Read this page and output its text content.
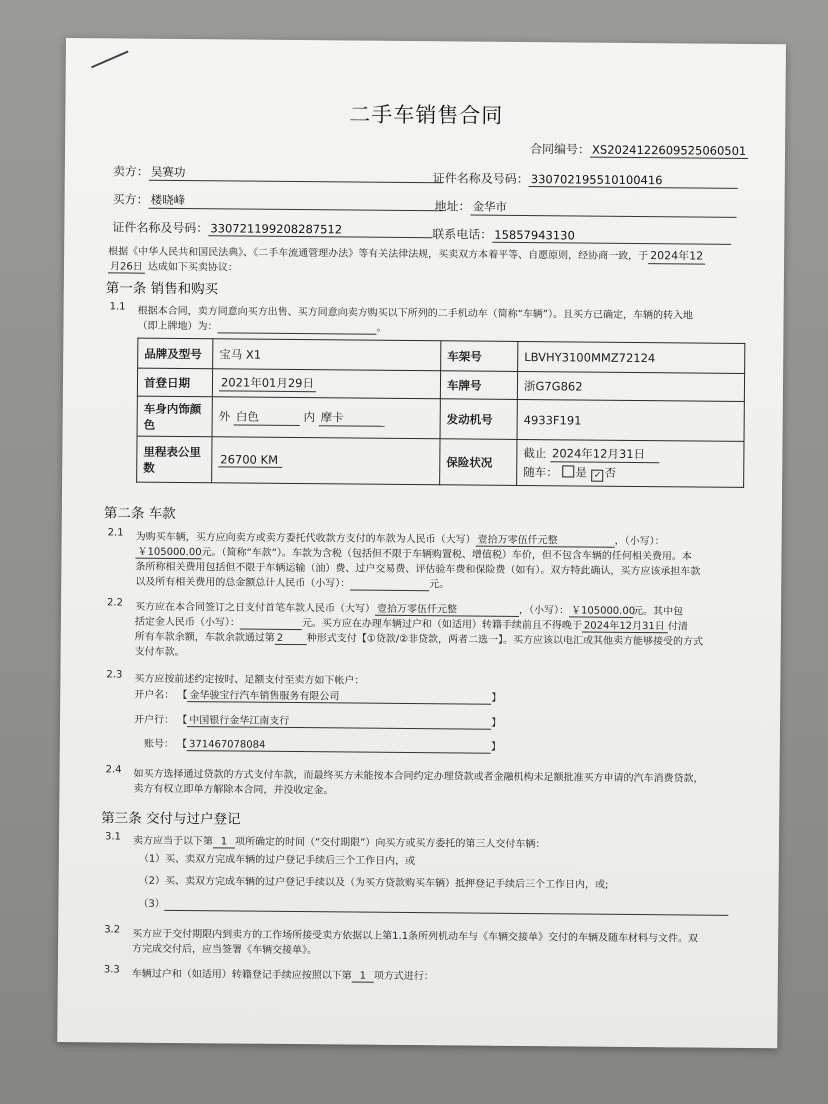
二手车销售合同
合同编号： XS2024122609525060501
卖方： 吴赛功	证件名称及号码： 330702195510100416
买方： 楼晓峰	地址： 金华市
证件名称及号码： 330721199208287512	联系电话： 15857943130
根据《中华人民共和国民法典》、《二手车流通管理办法》等有关法律法规，买卖双方本着平等、自愿原则，经协商一致，于 2024年12
月26日 达成如下买卖协议：
第一条 销售和购买
1.1 根据本合同，卖方同意向买方出售、买方同意向卖方购买以下所列的二手机动车（简称“车辆”）。且买方已确定，车辆的转入地
（即上牌地）为：	。
品牌及型号	宝马 X1	车架号	LBVHY3100MMZ72124
首登日期	2021年01月29日	车牌号	浙G7G862
车身内饰颜色	外 白色 内 摩卡	发动机号	4933F191
里程表公里数	26700 KM	保险状况	截止 2024年12月31日
随车： 是 ✓ 否
第二条 车款
2.1 为购买车辆，买方应向卖方或卖方委托代收款方支付的车款为人民币（大写） 壹拾万零伍仟元整	，（小写）：
￥105000.00元。（简称“车款”）。车款为含税（包括但不限于车辆购置税、增值税）车价，但不包含车辆的任何相关费用。本
条所称相关费用包括但不限于车辆运输（油）费、过户交易费、评估验车费和保险费（如有）。双方特此确认，买方应该承担车款
以及所有相关费用的总金额总计人民币（小写）：	元。
2.2 买方应在本合同签订之日支付首笔车款人民币（大写） 壹拾万零伍仟元整	，（小写）： ￥105000.00元。其中包
括定金人民币（小写）：	元。买方应在办理车辆过户和（如适用）转籍手续前且不得晚于 2024年12月31日 付清
所有车款余额，车款余款通过第 2 种形式支付【①贷款/②非贷款，两者二选一】。买方应该以电汇或其他卖方能够接受的方式
支付车款。
2.3 买方应按前述约定按时、足额支付至卖方如下帐户：
开户名： 【 金华骏宝行汽车销售服务有限公司	】
开户行： 【 中国银行金华江南支行	】
账号： 【 371467078084	】
2.4 如买方选择通过贷款的方式支付车款，而最终买方未能按本合同约定办理贷款或者金融机构未足额批准买方申请的汽车消费贷款，
卖方有权立即单方解除本合同，并没收定金。
第三条 交付与过户登记
3.1 卖方应当于以下第 1 项所确定的时间（“交付期限”）向买方或买方委托的第三人交付车辆：
（1）买、卖双方完成车辆的过户登记手续后三个工作日内，或
（2）买、卖双方完成车辆的过户登记手续以及（为买方贷款购买车辆）抵押登记手续后三个工作日内，或;
（3）
3.2 买方应于交付期限内到卖方的工作场所接受卖方依据以上第1.1条所列机动车与《车辆交接单》交付的车辆及随车材料与文件。双
方完成交付后，应当签署《车辆交接单》。
3.3 车辆过户和（如适用）转籍登记手续应按照以下第 1 项方式进行：
